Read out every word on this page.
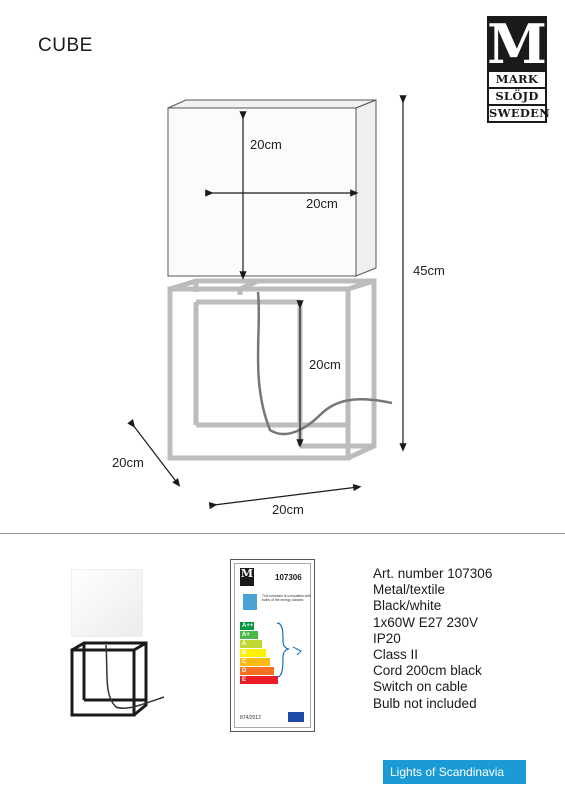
CUBE	M
MARK
SLÖJD
SWEDEN
20cm
20cm
20cm
45cm
20cm
20cm
M	107306
This luminaire is compatible with bulbs of the energy classes:
A++
A+
A
B
C
D
E
874/2012
Art. number 107306
Metal/textile
Black/white
1x60W E27 230V
IP20
Class II
Cord 200cm black
Switch on cable
Bulb not included
Lights of Scandinavia
